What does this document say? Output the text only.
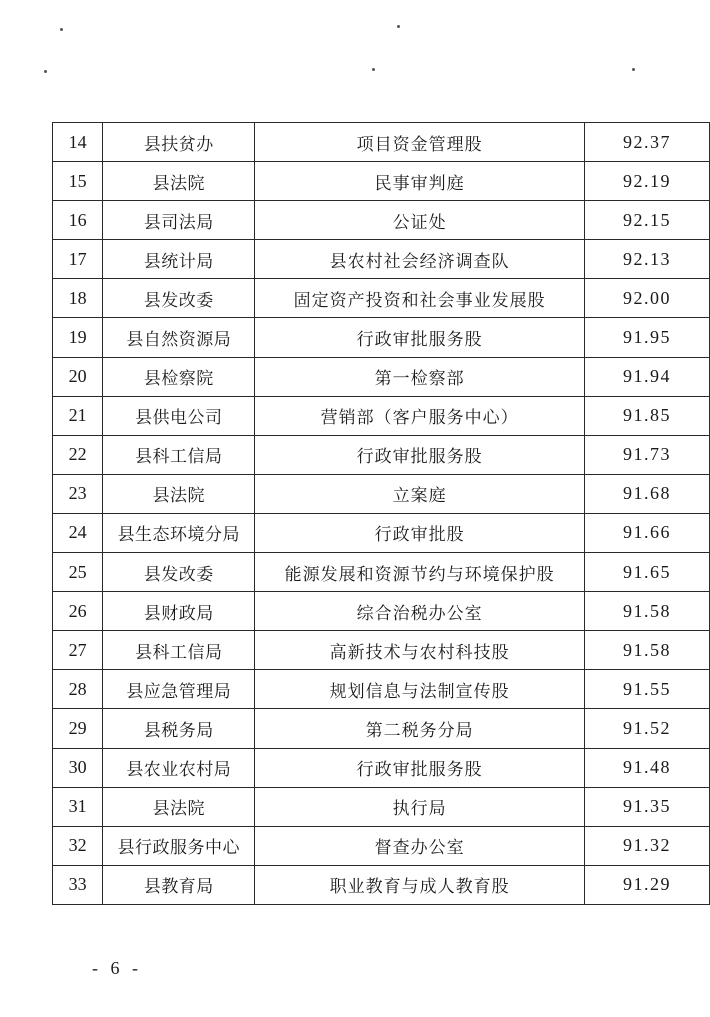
14	县扶贫办	项目资金管理股	92.37
15	县法院	民事审判庭	92.19
16	县司法局	公证处	92.15
17	县统计局	县农村社会经济调查队	92.13
18	县发改委	固定资产投资和社会事业发展股	92.00
19	县自然资源局	行政审批服务股	91.95
20	县检察院	第一检察部	91.94
21	县供电公司	营销部（客户服务中心）	91.85
22	县科工信局	行政审批服务股	91.73
23	县法院	立案庭	91.68
24	县生态环境分局	行政审批股	91.66
25	县发改委	能源发展和资源节约与环境保护股	91.65
26	县财政局	综合治税办公室	91.58
27	县科工信局	高新技术与农村科技股	91.58
28	县应急管理局	规划信息与法制宣传股	91.55
29	县税务局	第二税务分局	91.52
30	县农业农村局	行政审批服务股	91.48
31	县法院	执行局	91.35
32	县行政服务中心	督查办公室	91.32
33	县教育局	职业教育与成人教育股	91.29
- 6 -
